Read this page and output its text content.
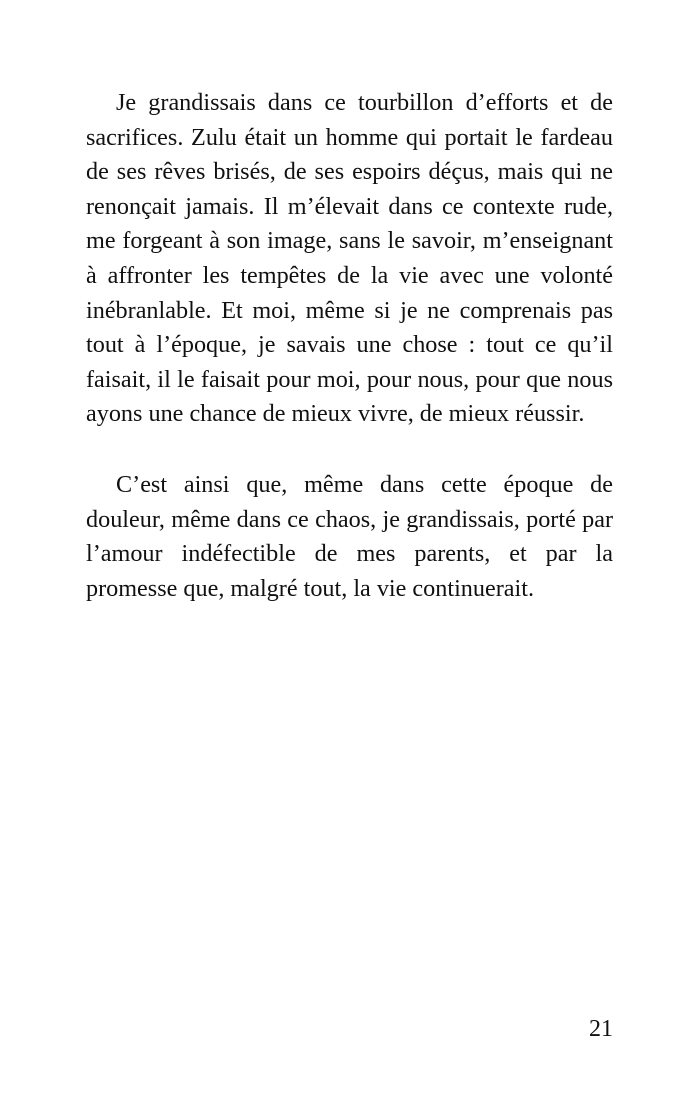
Je grandissais dans ce tourbillon d’efforts et de sacrifices. Zulu était un homme qui portait le fardeau de ses rêves brisés, de ses espoirs déçus, mais qui ne renonçait jamais. Il m’élevait dans ce contexte rude, me forgeant à son image, sans le savoir, m’enseignant à affronter les tempêtes de la vie avec une volonté inébranlable. Et moi, même si je ne comprenais pas tout à l’époque, je savais une chose : tout ce qu’il faisait, il le faisait pour moi, pour nous, pour que nous ayons une chance de mieux vivre, de mieux réussir.

C’est ainsi que, même dans cette époque de douleur, même dans ce chaos, je grandissais, porté par l’amour indéfectible de mes parents, et par la promesse que, malgré tout, la vie continuerait.

21
